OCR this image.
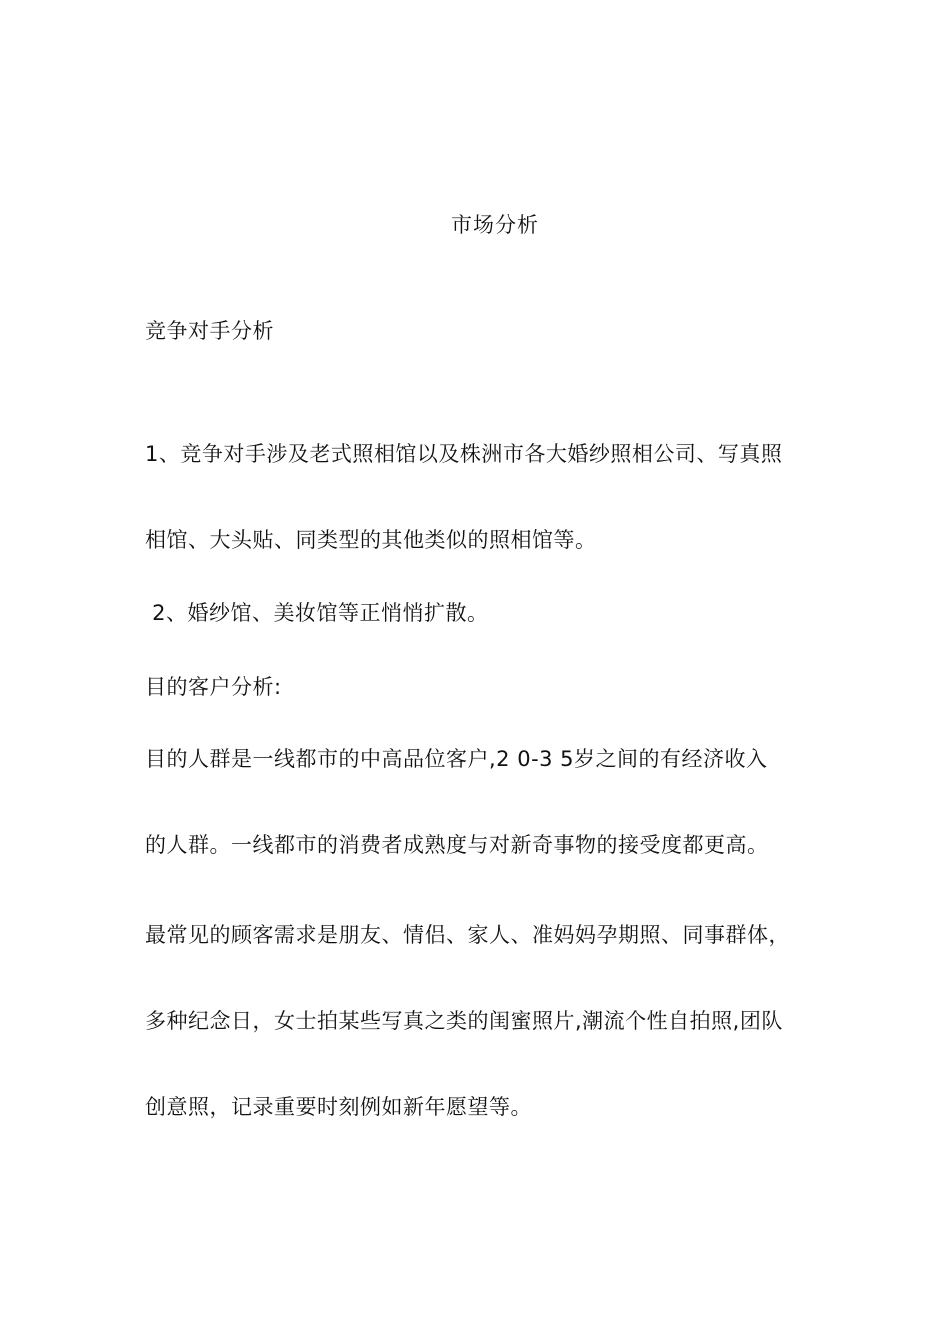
市场分析
竞争对手分析
1、竞争对手涉及老式照相馆以及株洲市各大婚纱照相公司、写真照
相馆、大头贴、同类型的其他类似的照相馆等。
2、婚纱馆、美妆馆等正悄悄扩散。
目的客户分析:
目的人群是一线都市的中高品位客户,2 0-3 5岁之间的有经济收入
的人群。一线都市的消费者成熟度与对新奇事物的接受度都更高。
最常见的顾客需求是朋友、情侣、家人、准妈妈孕期照、同事群体，
多种纪念日，女士拍某些写真之类的闺蜜照片,潮流个性自拍照,团队
创意照，记录重要时刻例如新年愿望等。
